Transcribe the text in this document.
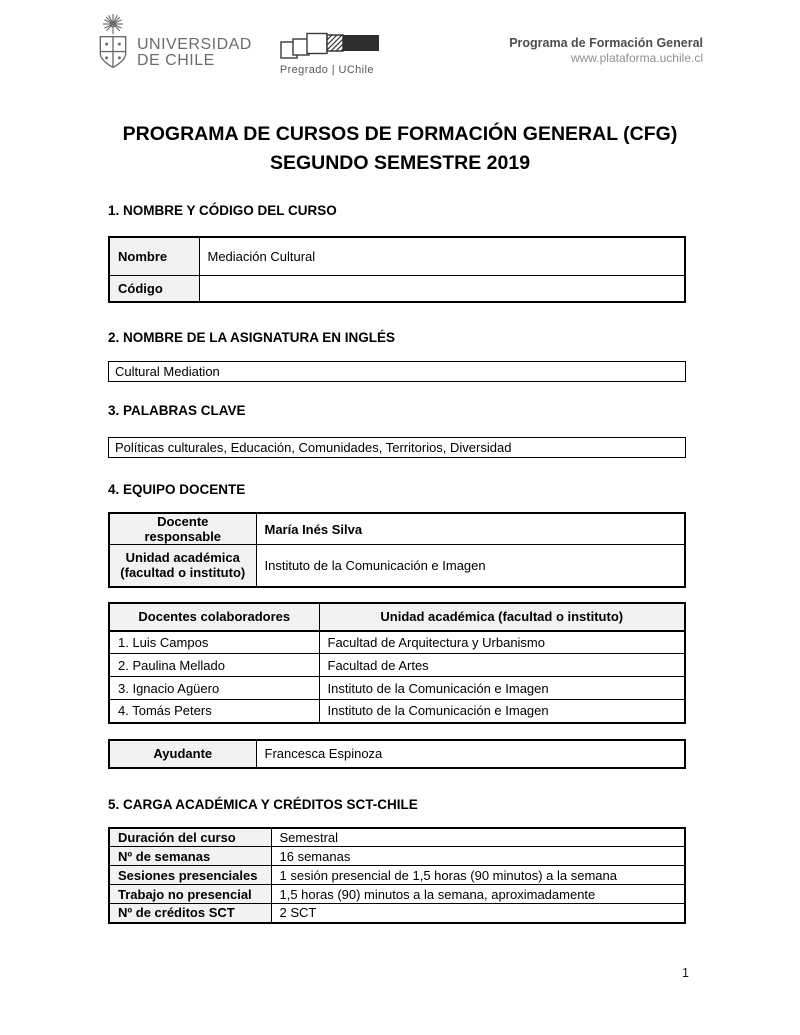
UNIVERSIDAD
DE CHILE
Pregrado | UChile
Programa de Formación General
www.plataforma.uchile.cl
PROGRAMA DE CURSOS DE FORMACIÓN GENERAL (CFG)
SEGUNDO SEMESTRE 2019
1. NOMBRE Y CÓDIGO DEL CURSO
Nombre	Mediación Cultural
Código	
2. NOMBRE DE LA ASIGNATURA EN INGLÉS
Cultural Mediation
3. PALABRAS CLAVE
Políticas culturales, Educación, Comunidades, Territorios, Diversidad
4. EQUIPO DOCENTE
Docente responsable	María Inés Silva
Unidad académica (facultad o instituto)	Instituto de la Comunicación e Imagen
Docentes colaboradores	Unidad académica (facultad o instituto)
1. Luis Campos	Facultad de Arquitectura y Urbanismo
2. Paulina Mellado	Facultad de Artes
3. Ignacio Agüero	Instituto de la Comunicación e Imagen
4. Tomás Peters	Instituto de la Comunicación e Imagen
Ayudante	Francesca Espinoza
5. CARGA ACADÉMICA Y CRÉDITOS SCT-CHILE
Duración del curso	Semestral
Nº de semanas	16 semanas
Sesiones presenciales	1 sesión presencial de 1,5 horas (90 minutos) a la semana
Trabajo no presencial	1,5 horas (90) minutos a la semana, aproximadamente
Nº de créditos SCT	2 SCT
1
